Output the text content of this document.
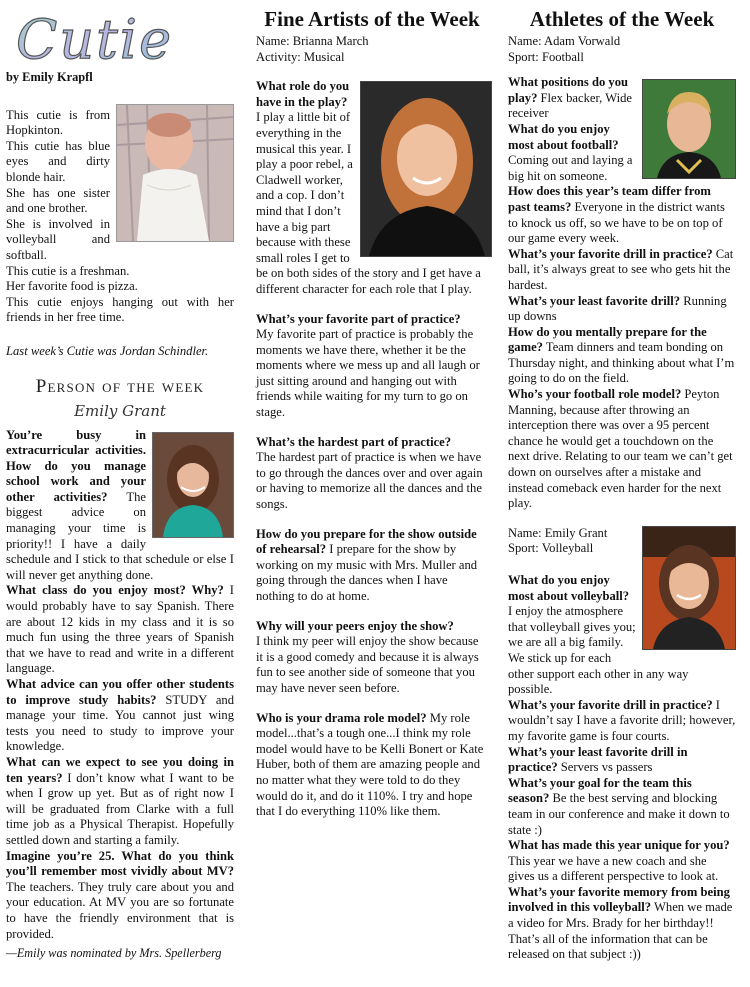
Cutie
by Emily Krapfl

This cutie is from Hopkinton.

This cutie has blue eyes and dirty blonde hair.

She has one sister and one brother.

She is involved in volleyball and softball.

This cutie is a freshman.

Her favorite food is pizza.

This cutie enjoys hanging out with her friends in her free time.

Last week’s Cutie was Jordan Schindler.
Person of the week
Emily Grant

You’re busy in extracurricular activities. How do you manage school work and your other activities? The biggest advice on managing your time is priority!! I have a daily schedule and I stick to that schedule or else I will never get anything done.

What class do you enjoy most? Why? I would probably have to say Spanish. There are about 12 kids in my class and it is so much fun using the three years of Spanish that we have to read and write in a different language.

What advice can you offer other students to improve study habits? STUDY and manage your time. You cannot just wing tests you need to study to improve your knowledge.

What can we expect to see you doing in ten years? I don’t know what I want to be when I grow up yet. But as of right now I will be graduated from Clarke with a full time job as a Physical Therapist. Hopefully settled down and starting a family.

Imagine you’re 25. What do you think you’ll remember most vividly about MV? The teachers. They truly care about you and your education. At MV you are so fortunate to have the friendly environment that is provided.

—Emily was nominated by Mrs. Spellerberg
Fine Artists of the Week
Name: Brianna March
Activity: Musical
What role do you have in the play? I play a little bit of everything in the musical this year. I play a poor rebel, a Cladwell worker, and a cop. I don’t mind that I don’t have a big part because with these small roles I get to be on both sides of the story and I get have a different character for each role that I play.
What’s your favorite part of practice?
My favorite part of practice is probably the moments we have there, whether it be the moments where we mess up and all laugh or just sitting around and hanging out with friends while waiting for my turn to go on stage.
What’s the hardest part of practice?
The hardest part of practice is when we have to go through the dances over and over again or having to memorize all the dances and the songs.
How do you prepare for the show outside of rehearsal? I prepare for the show by working on my music with Mrs. Muller and going through the dances when I have nothing to do at home.
Why will your peers enjoy the show?
I think my peer will enjoy the show because it is a good comedy and because it is always fun to see another side of someone that you may have never seen before.
Who is your drama role model? My role model...that’s a tough one...I think my role model would have to be Kelli Bonert or Kate Huber, both of them are amazing people and no matter what they were told to do they would do it, and do it 110%. I try and hope that I do everything 110% like them.
Athletes of the Week
Name: Adam Vorwald
Sport: Football

What positions do you play? Flex backer, Wide receiver

What do you enjoy most about football? Coming out and laying a big hit on someone.

How does this year’s team differ from past teams? Everyone in the district wants to knock us off, so we have to be on top of our game every week.

What’s your favorite drill in practice? Cat ball, it’s always great to see who gets hit the hardest.

What’s your least favorite drill? Running up downs

How do you mentally prepare for the game? Team dinners and team bonding on Thursday night, and thinking about what I’m going to do on the field.

Who’s your football role model? Peyton Manning, because after throwing an interception there was over a 95 percent chance he would get a touchdown on the next drive. Relating to our team we can’t get down on ourselves after a mistake and instead comeback even harder for the next play.

Name: Emily Grant
Sport: Volleyball

What do you enjoy most about volleyball? I enjoy the atmosphere that volleyball gives you; we are all a big family. We stick up for each other support each other in any way possible.

What’s your favorite drill in practice? I wouldn’t say I have a favorite drill; however, my favorite game is four courts.

What’s your least favorite drill in practice? Servers vs passers

What’s your goal for the team this season? Be the best serving and blocking team in our conference and make it down to state :)

What has made this year unique for you? This year we have a new coach and she gives us a different perspective to look at.

What’s your favorite memory from being involved in this volleyball? When we made a video for Mrs. Brady for her birthday!! That’s all of the information that can be released on that subject :))
